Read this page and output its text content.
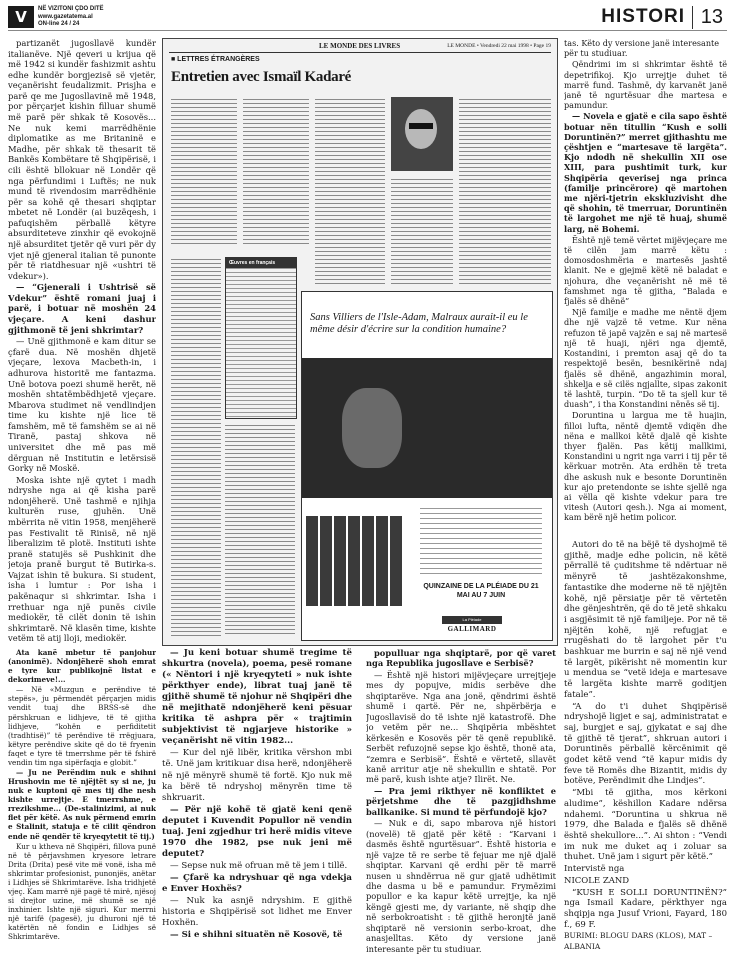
V	NË VIZITONI ÇDO DITË
www.gazetatema.al
ON-line 24 / 24	HISTORI 13

partizanët jugosllavë kundër italianëve. Një qeveri u krijua që më 1942 si kundër fashizmit ashtu edhe kundër borgjezisë së vjetër, veçanërisht feudalizmit. Prisjha e parë qe me Jugosllavinë më 1948, por përçarjet kishin filluar shumë më parë për shkak të Kosovës... Ne nuk kemi marrëdhënie diplomatike as me Britaninë e Madhe, për shkak të thesarit të Bankës Kombëtare të Shqipërisë, i cili është bllokuar në Londër që nga përfundimi i Luftës; ne nuk mund të rivendosim marrëdhënie për sa kohë që thesari shqiptar mbetet në Londër (ai buzëqesh, i pafuqishëm përballë këtyre absurditeteve zinxhir që evokojnë një absurditet tjetër që vuri për dy vjet një gjeneral italian të punonte për të riatdhesuar një «ushtri të vdekur»).

— “Gjenerali i Ushtrisë së Vdekur” është romani juaj i parë, i botuar në moshën 24 vjeçare. A keni dashur gjithmonë të jeni shkrimtar?

— Unë gjithmonë e kam ditur se çfarë dua. Në moshën dhjetë vjeçare, lexova Macbeth-in, i adhurova historitë me fantazma. Unë botova poezi shumë herët, në moshën shtatëmbëdhjetë vjeçare. Mbarova studimet në vendlindjen time ku kishte një lice të famshëm, më të famshëm se ai në Tiranë, pastaj shkova në universitet dhe më pas më dërguan në Institutin e letërsisë Gorky në Moskë.

Moska ishte një qytet i madh ndryshe nga ai që kisha parë ndonjëherë. Unë tashmë e njihja kulturën ruse, gjuhën. Unë mbërrita në vitin 1958, menjëherë pas Festivalit të Rinisë, në një liberalizim të plotë. Instituti ishte pranë statujës së Pushkinit dhe jetoja pranë burgut të Butirka-s. Vajzat ishin të bukura. Si student, isha i lumtur : Por isha i pakënaqur si shkrimtar. Isha i rrethuar nga një punës civile mediokër, të cilët donin të ishin shkrimtarë. Në klasën time, kishte vetëm të atij lloji, mediokër.

Ata kanë mbetur të panjohur (anonimë). Ndonjëherë shoh emrat e tyre kur publikojnë listat e dekorimeve!...

— Në «Muzgun e perëndive të stepës», ju përmendët përçarjen midis vendit tuaj dhe BRSS-së dhe përshkruan e lidhjeve, të të gjitha lidhjeve, “kohën e perfiditetit (tradhtisë)” të perëndive të rrëgjuara, këtyre perëndive skite që do të fryenin faqet e tyre të tmerrshme për të fshirë vendin tim nga sipërfaqja e globit.”

— Ju ne Perëndim nuk e shihni Hrushovin me të njëjtët sy si ne, ju nuk e kuptoni që mes tij dhe nesh kishte urrejtje. E tmerrshme, e rrezikshme... (De-stalinizimi, ai nuk flet për këtë. As nuk përmend emrin e Stalinit, statuja e të cilit qëndron ende në qendër të kryeqytetit të tij.)

Kur u ktheva në Shqipëri, fillova punë në të përjavshmen kryesore letrare Drita (Drita) pesë vite më vonë, isha më shkrimtar profesionist, punonjës, anëtar i Lidhjes së Shkrimtarëve. Isha tridhjetë vjeç. Kam marrë një pagë të mirë, njësoj si drejtor uzine, më shumë se një inxhinier. Ishte një siguri. Kur merrni një tarifë (pagesë), ju dhuroni një të katërtën në fondin e Lidhjes së Shkrimtarëve.

— Ju keni botuar shumë tregime të shkurtra (novela), poema, pesë romane (« Nëntori i një kryeqyteti » nuk ishte përkthyer ende), librat tuaj janë të gjithë shumë të njohur në Shqipëri dhe në mejithatë ndonjëherë keni pësuar kritika të ashpra për « trajtimin subjektivist të ngjarjeve historike » veçanërisht në vitin 1982...

— Kur del një libër, kritika vërshon mbi të. Unë jam kritikuar disa herë, ndonjëherë në një mënyrë shumë të fortë. Kjo nuk më ka bërë të ndryshoj mënyrën time të shkruarit.

— Për një kohë të gjatë keni qenë deputet i Kuvendit Popullor në vendin tuaj. Jeni zgjedhur tri herë midis viteve 1970 dhe 1982, pse nuk jeni më deputet?

— Sepse nuk më ofruan më të jem i tillë.

— Çfarë ka ndryshuar që nga vdekja e Enver Hoxhës?

— Nuk ka asnjë ndryshim. E gjithë historia e Shqipërisë sot lidhet me Enver Hoxhën.

— Si e shihni situatën në Kosovë, të

populluar nga shqiptarë, por që varet nga Republika jugosllave e Serbisë?

— Është një histori mijëvjeçare urrejtjeje mes dy popujve, midis serbëve dhe shqiptarëve. Nga ana jonë, qëndrimi është shumë i qartë. Për ne, shpërbërja e Jugosllavisë do të ishte një katastrofë. Dhe jo vetëm për ne... Shqipëria mbështet kërkesën e Kosovës për të qenë republikë. Serbët refuzojnë sepse kjo është, thonë ata, “zemra e Serbisë”. Është e vërtetë, sllavët kanë arritur atje në shekullin e shtatë. Por më parë, kush ishte atje? Ilirët. Ne.

— Pra jemi rikthyer në konfliktet e përjetshme dhe të pazgjidhshme ballkanike. Si mund të përfundojë kjo?

— Nuk e di, sapo mbarova një histori (novelë) të gjatë për këtë : “Karvani i dasmës është ngurtësuar”. Është historia e një vajze të re serbe të fejuar me një djalë shqiptar. Karvani që erdhi për të marrë nusen u shndërrua në gur gjatë udhëtimit dhe dasma u bë e pamundur. Frymëzimi popullor e ka kapur këtë urrejtje, ka një këngë gjesti me, dy variante, në shqip dhe në serbokroatisht : të gjithë heronjtë janë shqiptarë në versionin serbo-kroat, dhe anasjelltas. Këto dy versione janë interesante për tu studiuar.

tas. Këto dy versione janë interesante për tu studiuar.

Qëndrimi im si shkrimtar është të depetrifikoj. Kjo urrejtje duhet të marrë fund. Tashmë, dy karvanët janë janë të ngurtësuar dhe martesa e pamundur.

— Novela e gjatë e cila sapo është botuar nën titullin “Kush e solli Doruntinën?” merret gjithashtu me çështjen e “martesave të largëta”. Kjo ndodh në shekullin XII ose XIII, para pushtimit turk, kur Shqipëria qeverisej nga princa (familje princërore) që martohen me njëri-tjetrin ekskluzivisht dhe që shohin, të tmerruar, Doruntinën të largohet me një të huaj, shumë larg, në Bohemi.

Është një temë vërtet mijëvjeçare me të cilën jam marrë këtu : domosdoshmëria e martesës jashtë klanit. Ne e gjejmë këtë në baladat e njohura, dhe veçanërisht në më të famshmet nga të gjitha, “Balada e fjalës së dhënë”

Një familje e madhe me nëntë djem dhe një vajzë të vetme. Kur nëna refuzon të japë vajzën e saj në martesë një të huaji, njëri nga djemtë, Kostandini, i premton asaj që do ta respektojë besën, besnikërinë ndaj fjalës së dhënë, angazhimin moral, shkelja e së cilës ngjallte, sipas zakonit të lashtë, turpin. “Do të ta sjell kur të duash”, i tha Konstandini nënës së tij.

Doruntina u largua me të huajin, filloi lufta, nëntë djemtë vdiqën dhe nëna e mallkoi këtë djalë që kishte thyer fjalën. Pas këtij mallkimi, Konstandini u ngrit nga varri i tij për të kërkuar motrën. Ata erdhën të treta dhe askush nuk e besonte Doruntinën kur ajo pretendonte se ishte sjellë nga ai vëlla që kishte vdekur para tre vitesh (Autori qesh.). Nga ai moment, kam bërë një hetim policor.

Autori do të na bëjë të dyshojmë të gjithë, madje edhe policin, në këtë përrallë të çuditshme të ndërtuar në mënyrë të jashtëzakonshme, fantastike dhe moderne në të njëjtën kohë, një përsiatje për të vërtetën dhe gënjeshtrën, që do të jetë shkaku i asgjësimit të një familjeje. Por në të njëjtën kohë, një refugjat e rrugëshati do të largohet për t'u bashkuar me burrin e saj në një vend të largët, pikërisht në momentin kur u mendua se “vetë ideja e martesave të largëta kishte marrë goditjen fatale”.

“A do t'i duhet Shqipërisë ndryshojë ligjet e saj, administratat e saj, burgjet e saj, gjykatat e saj dhe të gjithë të tjerat”, shkruan autori i Doruntinës përballë kërcënimit që godet këtë vend “të kapur midis dy feve të Romës dhe Bizantit, midis dy botëve, Perëndimit dhe Lindjes”.

“Mbi të gjitha, mos kërkoni aludime”, këshillon Kadare ndërsa ndahemi. “Doruntina u shkrua në 1979, dhe Balada e fjalës së dhënë është shekullore...”. Ai shton : “Vendi im nuk me duket aq i zoluar sa thuhet. Unë jam i sigurt për këtë.”

Intervistë nga

NICOLE ZAND

“KUSH E SOLLI DORUNTINËN?” nga Ismail Kadare, përkthyer nga shqipja nga Jusuf Vrioni, Fayard, 180 f., 69 F.

BURIMI: BLOGU DARS (KLOS), MAT – ALBANIA

LE MONDE DES LIVRES	LE MONDE • Vendredi 22 mai 1998 • Page 19
■ LETTRES ÉTRANGÈRES
Entretien avec Ismaïl Kadaré
Œuvres en français
Sans Villiers de l'Isle-Adam, Malraux aurait-il eu le même désir d'écrire sur la condition humaine?
QUINZAINE DE LA PLÉIADE DU 21 MAI AU 7 JUIN
La Pléiade
GALLIMARD
